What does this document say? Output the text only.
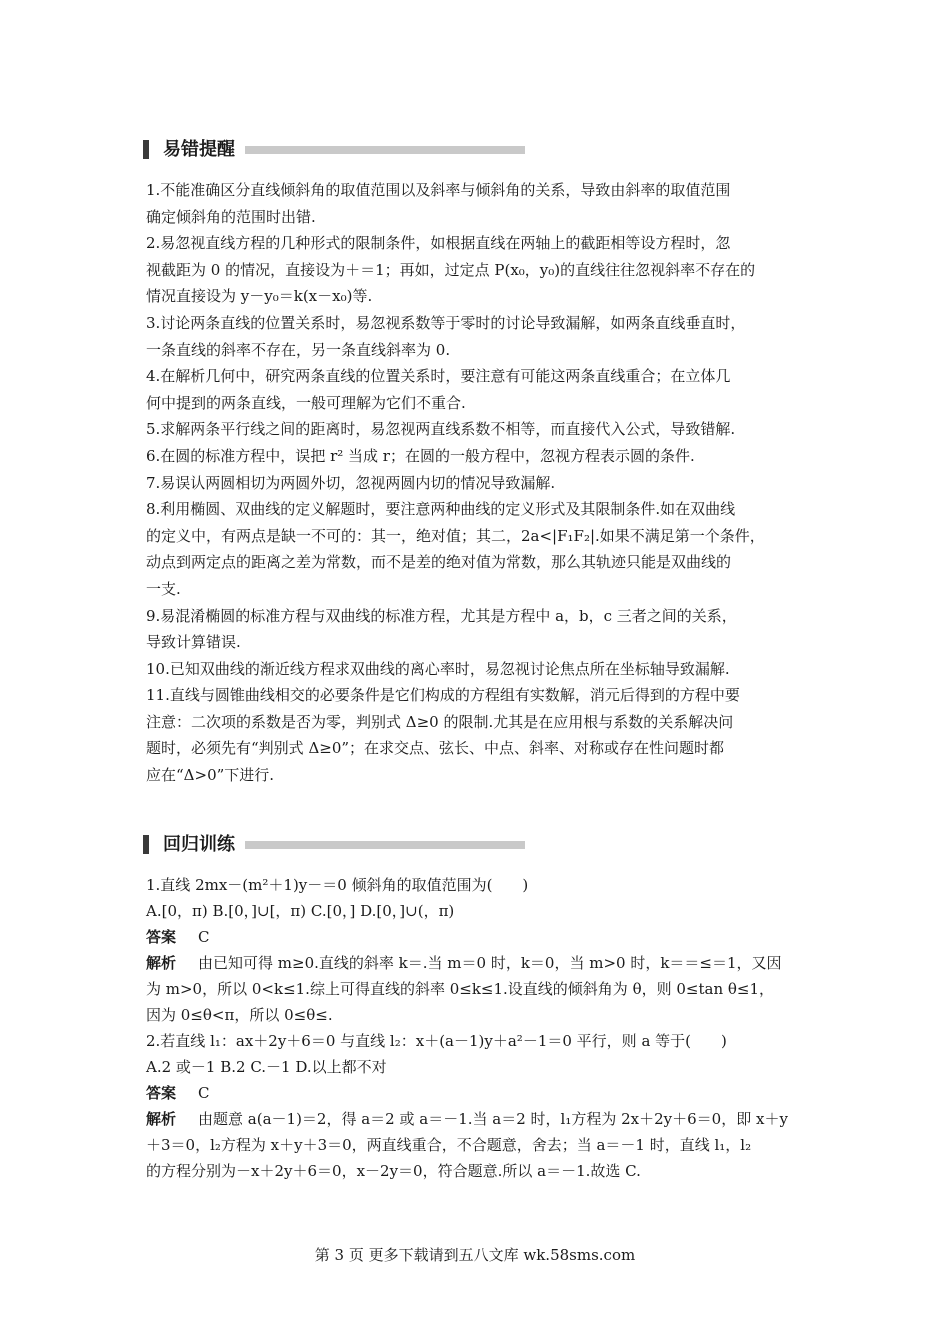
易错提醒
1.不能准确区分直线倾斜角的取值范围以及斜率与倾斜角的关系，导致由斜率的取值范围
确定倾斜角的范围时出错.
2.易忽视直线方程的几种形式的限制条件，如根据直线在两轴上的截距相等设方程时，忽
视截距为 0 的情况，直接设为＋＝1；再如，过定点 P(x₀，y₀)的直线往往忽视斜率不存在的
情况直接设为 y－y₀＝k(x－x₀)等.
3.讨论两条直线的位置关系时，易忽视系数等于零时的讨论导致漏解，如两条直线垂直时，
一条直线的斜率不存在，另一条直线斜率为 0.
4.在解析几何中，研究两条直线的位置关系时，要注意有可能这两条直线重合；在立体几
何中提到的两条直线，一般可理解为它们不重合.
5.求解两条平行线之间的距离时，易忽视两直线系数不相等，而直接代入公式，导致错解.
6.在圆的标准方程中，误把 r² 当成 r；在圆的一般方程中，忽视方程表示圆的条件.
7.易误认两圆相切为两圆外切，忽视两圆内切的情况导致漏解.
8.利用椭圆、双曲线的定义解题时，要注意两种曲线的定义形式及其限制条件.如在双曲线
的定义中，有两点是缺一不可的：其一，绝对值；其二，2a<|F₁F₂|.如果不满足第一个条件，
动点到两定点的距离之差为常数，而不是差的绝对值为常数，那么其轨迹只能是双曲线的
一支.
9.易混淆椭圆的标准方程与双曲线的标准方程，尤其是方程中 a，b，c 三者之间的关系，
导致计算错误.
10.已知双曲线的渐近线方程求双曲线的离心率时，易忽视讨论焦点所在坐标轴导致漏解.
11.直线与圆锥曲线相交的必要条件是它们构成的方程组有实数解，消元后得到的方程中要
注意：二次项的系数是否为零，判别式 Δ≥0 的限制.尤其是在应用根与系数的关系解决问
题时，必须先有“判别式 Δ≥0”；在求交点、弦长、中点、斜率、对称或存在性问题时都
应在“Δ>0”下进行.
回归训练
1.直线 2mx－(m²＋1)y－＝0 倾斜角的取值范围为(　　)
A.[0，π) B.[0，]∪[，π) C.[0，] D.[0，]∪(，π)
答案 C
解析 由已知可得 m≥0.直线的斜率 k＝.当 m＝0 时，k＝0，当 m>0 时，k＝＝≤＝1，又因
为 m>0，所以 0<k≤1.综上可得直线的斜率 0≤k≤1.设直线的倾斜角为 θ，则 0≤tan θ≤1，
因为 0≤θ<π，所以 0≤θ≤.
2.若直线 l₁：ax＋2y＋6＝0 与直线 l₂：x＋(a－1)y＋a²－1＝0 平行，则 a 等于(　　)
A.2 或－1 B.2 C.－1 D.以上都不对
答案 C
解析 由题意 a(a－1)＝2，得 a＝2 或 a＝－1.当 a＝2 时，l₁方程为 2x＋2y＋6＝0，即 x＋y
＋3＝0，l₂方程为 x＋y＋3＝0，两直线重合，不合题意，舍去；当 a＝－1 时，直线 l₁，l₂
的方程分别为－x＋2y＋6＝0，x－2y＝0，符合题意.所以 a＝－1.故选 C.
第 3 页 更多下载请到五八文库 wk.58sms.com
